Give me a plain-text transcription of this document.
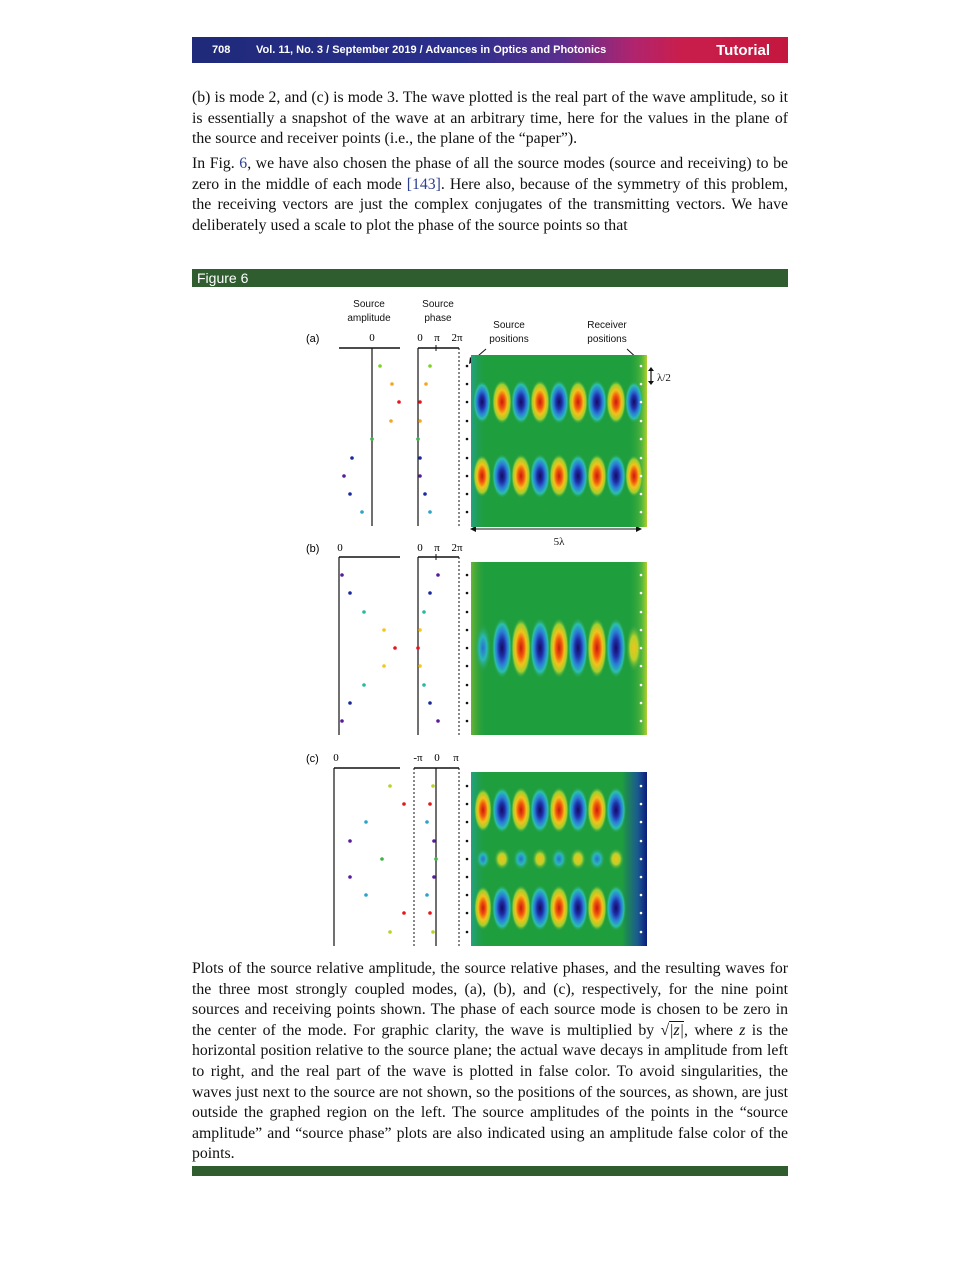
708 Vol. 11, No. 3 / September 2019 / Advances in Optics and Photonics	Tutorial

(b) is mode 2, and (c) is mode 3. The wave plotted is the real part of the wave amplitude, so it is essentially a snapshot of the wave at an arbitrary time, here for the values in the plane of the source and receiver points (i.e., the plane of the “paper”).

In Fig. 6, we have also chosen the phase of all the source modes (source and receiving) to be zero in the middle of each mode [143]. Here also, because of the symmetry of this problem, the receiving vectors are just the complex conjugates of the transmitting vectors. We have deliberately used a scale to plot the phase of the source points so that

Figure 6
Source
amplitude
Source
phase
Source
positions
Receiver
positions
λ/2
5λ
(a)	0	0 π 2π
(b) 0	0 π 2π
(c) 0	-π 0 π

Plots of the source relative amplitude, the source relative phases, and the resulting waves for the three most strongly coupled modes, (a), (b), and (c), respectively, for the nine point sources and receiving points shown. The phase of each source mode is chosen to be zero in the center of the mode. For graphic clarity, the wave is multiplied by √|z|, where z is the horizontal position relative to the source plane; the actual wave decays in amplitude from left to right, and the real part of the wave is plotted in false color. To avoid singularities, the waves just next to the source are not shown, so the positions of the sources, as shown, are just outside the graphed region on the left. The source amplitudes of the points in the “source amplitude” and “source phase” plots are also indicated using an amplitude false color of the points.
